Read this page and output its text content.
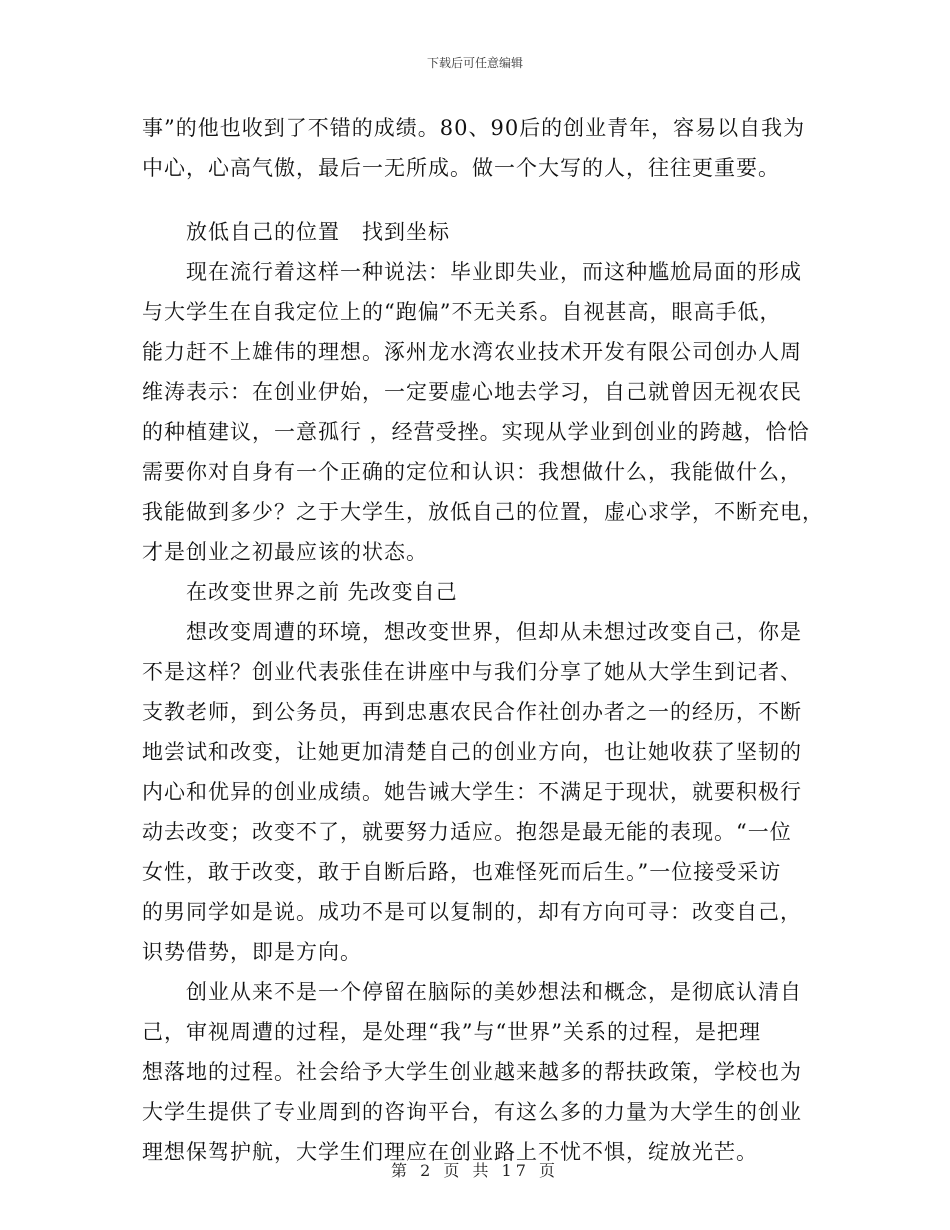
下载后可任意编辑
事”的他也收到了不错的成绩。80、90后的创业青年，容易以自我为
中心，心高气傲，最后一无所成。做一个大写的人，往往更重要。
放低自己的位置　找到坐标
现在流行着这样一种说法：毕业即失业，而这种尴尬局面的形成
与大学生在自我定位上的“跑偏”不无关系。自视甚高，眼高手低，
能力赶不上雄伟的理想。涿州龙水湾农业技术开发有限公司创办人周
维涛表示：在创业伊始，一定要虚心地去学习，自己就曾因无视农民
的种植建议，一意孤行 ，经营受挫。实现从学业到创业的跨越，恰恰
需要你对自身有一个正确的定位和认识：我想做什么，我能做什么，
我能做到多少？之于大学生，放低自己的位置，虚心求学，不断充电，
才是创业之初最应该的状态。
在改变世界之前 先改变自己
想改变周遭的环境，想改变世界，但却从未想过改变自己，你是
不是这样？创业代表张佳在讲座中与我们分享了她从大学生到记者、
支教老师，到公务员，再到忠惠农民合作社创办者之一的经历，不断
地尝试和改变，让她更加清楚自己的创业方向，也让她收获了坚韧的
内心和优异的创业成绩。她告诫大学生：不满足于现状，就要积极行
动去改变；改变不了，就要努力适应。抱怨是最无能的表现。“一位
女性，敢于改变，敢于自断后路，也难怪死而后生。”一位接受采访
的男同学如是说。成功不是可以复制的，却有方向可寻：改变自己，
识势借势，即是方向。
创业从来不是一个停留在脑际的美妙想法和概念，是彻底认清自
己，审视周遭的过程，是处理“我”与“世界”关系的过程，是把理
想落地的过程。社会给予大学生创业越来越多的帮扶政策，学校也为
大学生提供了专业周到的咨询平台，有这么多的力量为大学生的创业
理想保驾护航，大学生们理应在创业路上不忧不惧，绽放光芒。
第 2 页 共 17 页
